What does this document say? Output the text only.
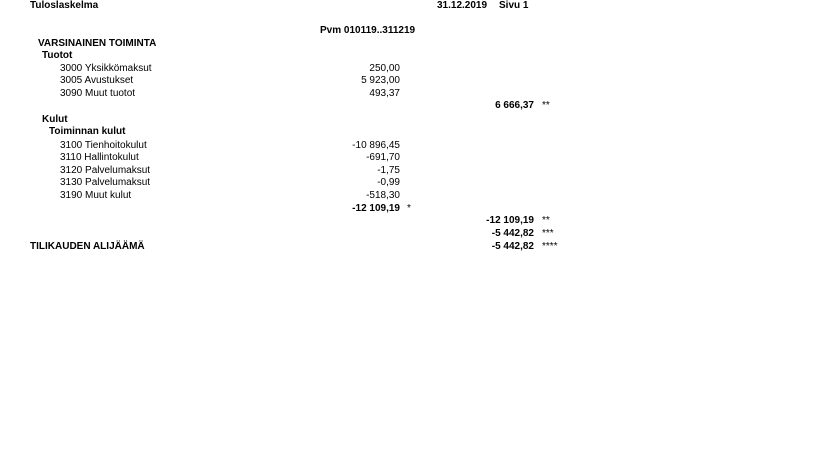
Tuloslaskelma	31.12.2019 Sivu 1
Pvm 010119..311219
VARSINAINEN TOIMINTA
Tuotot
3000 Yksikkömaksut	250,00
3005 Avustukset	5 923,00
3090 Muut tuotot	493,37
6 666,37 **
Kulut
Toiminnan kulut
3100 Tienhoitokulut	-10 896,45
3110 Hallintokulut	-691,70
3120 Palvelumaksut	-1,75
3130 Palvelumaksut	-0,99
3190 Muut kulut	-518,30
-12 109,19 *
-12 109,19 **
-5 442,82 ***
TILIKAUDEN ALIJÄÄMÄ	-5 442,82 ****
